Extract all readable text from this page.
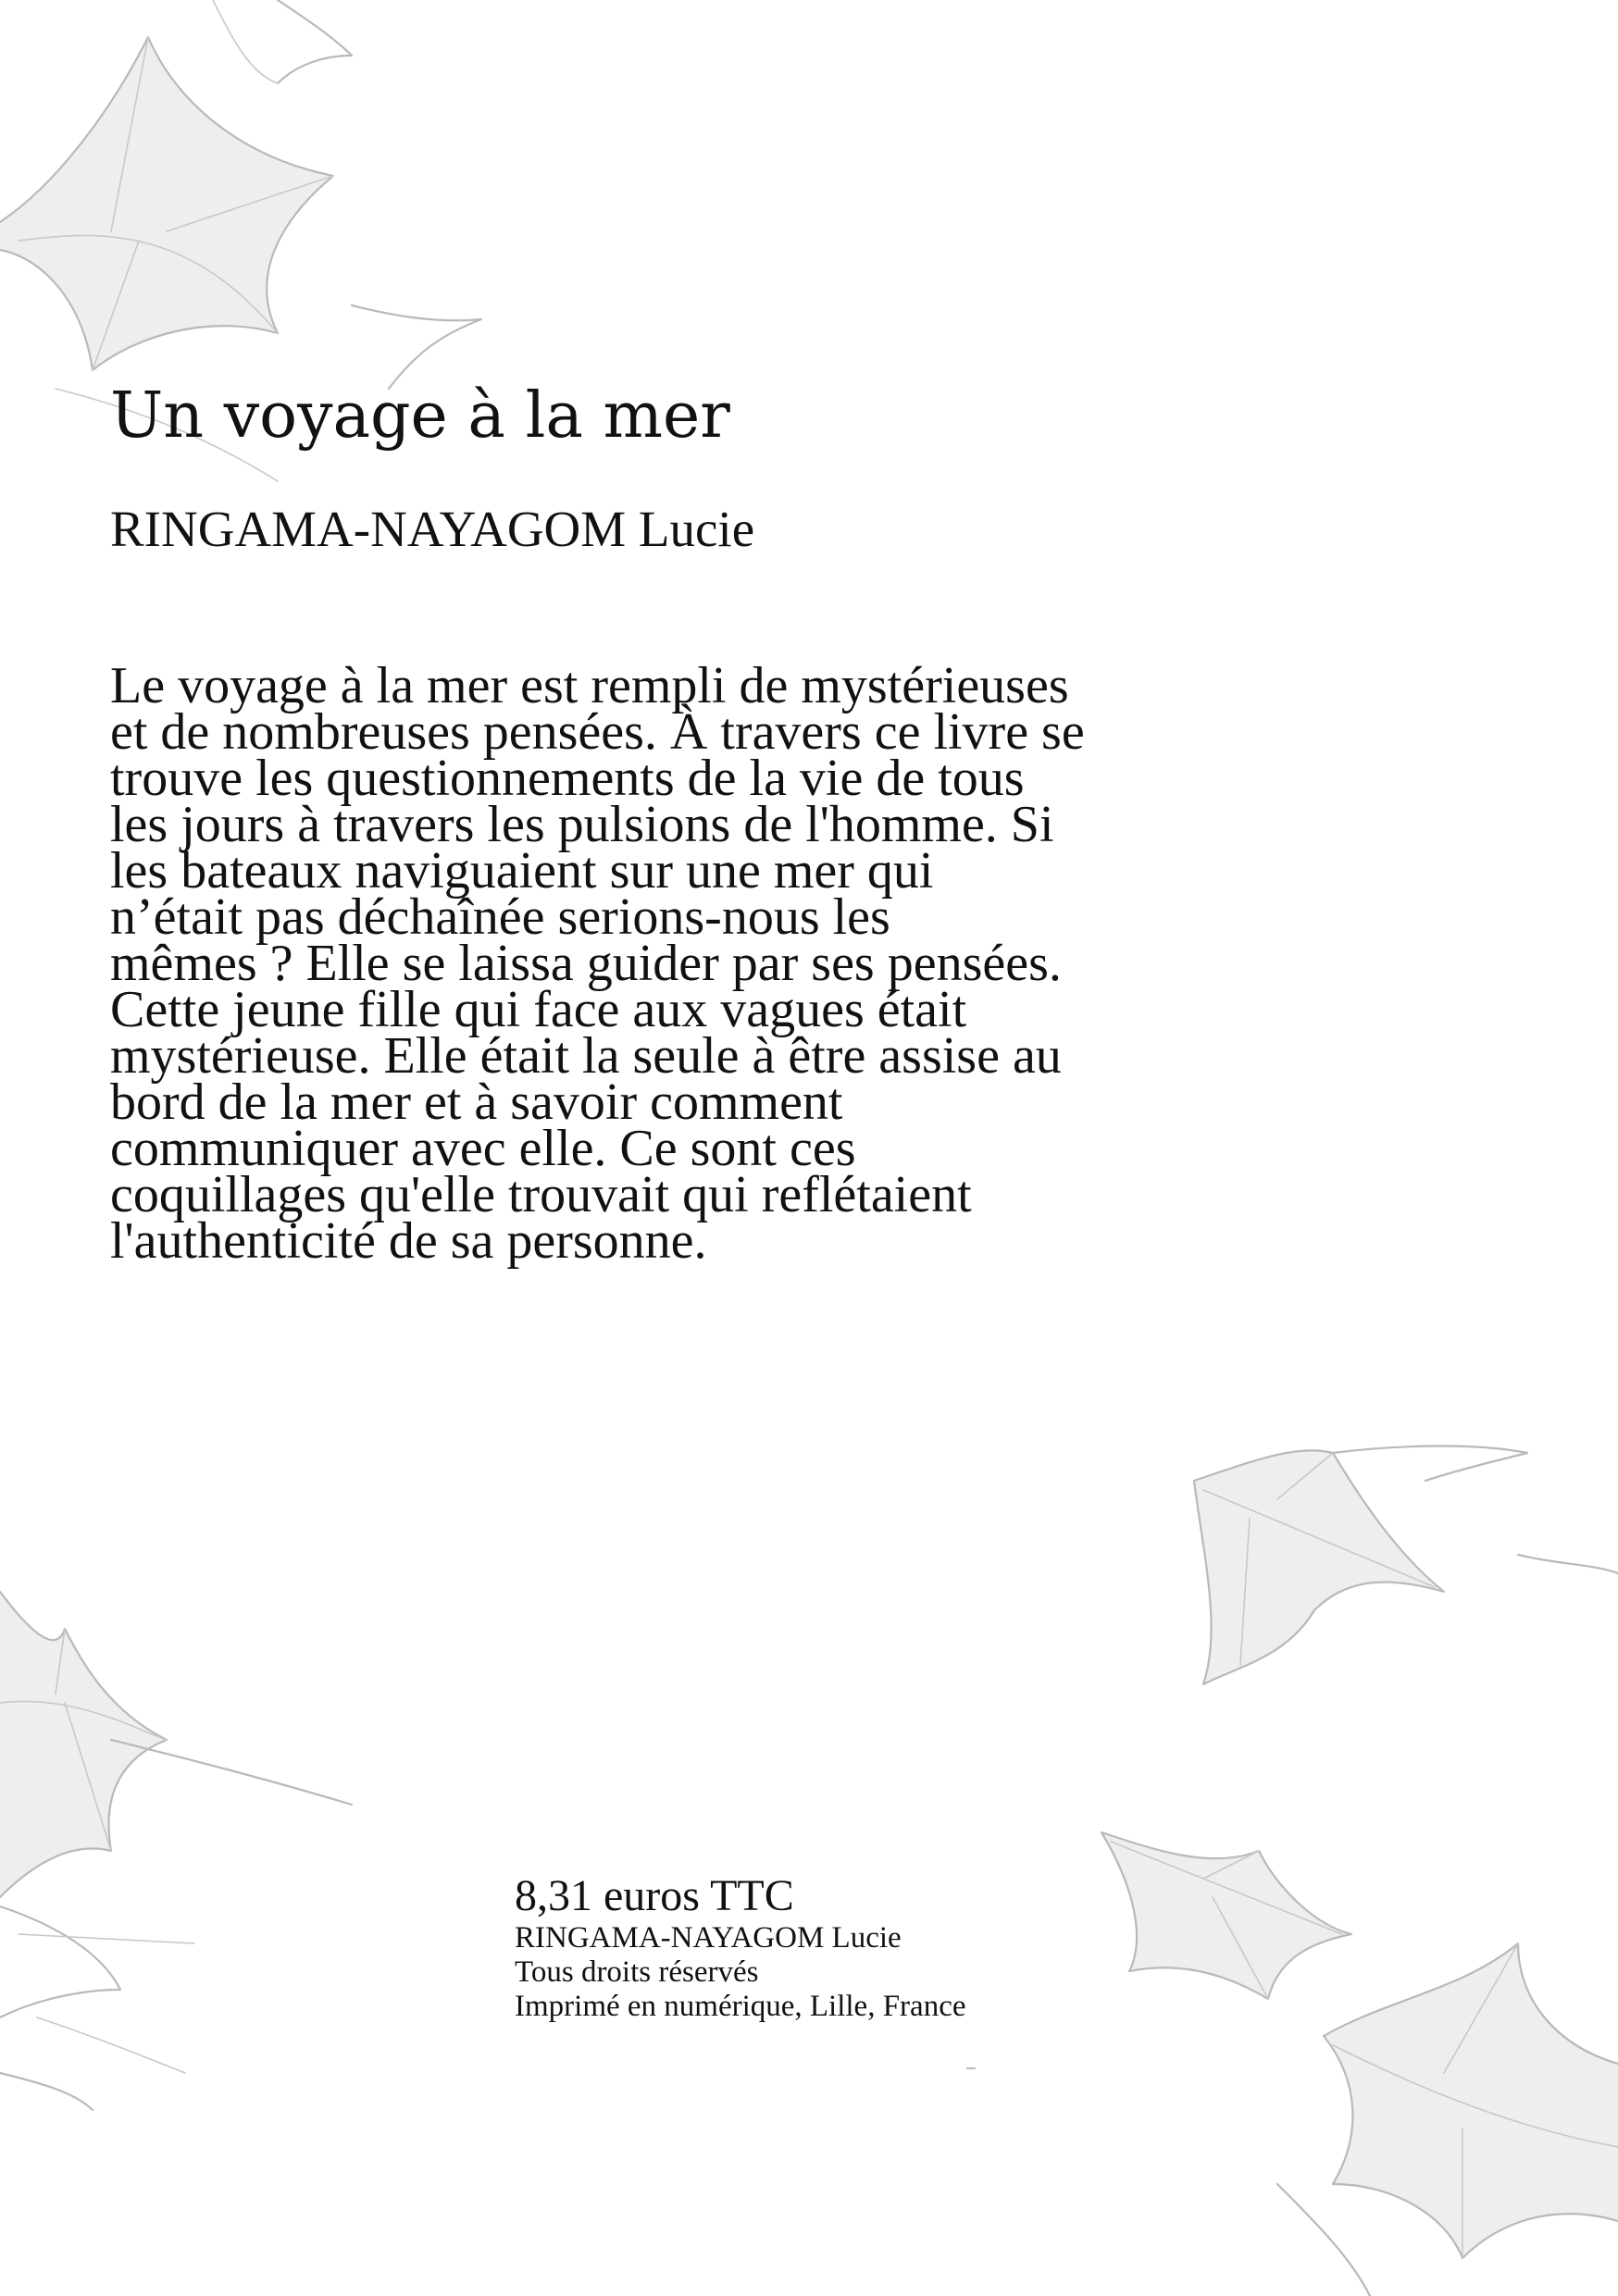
Un voyage à la mer

RINGAMA-NAYAGOM Lucie

Le voyage à la mer est rempli de mystérieuses
et de nombreuses pensées. À travers ce livre se
trouve les questionnements de la vie de tous
les jours à travers les pulsions de l'homme. Si
les bateaux naviguaient sur une mer qui
n’était pas déchaînée serions-nous les
mêmes ? Elle se laissa guider par ses pensées.
Cette jeune fille qui face aux vagues était
mystérieuse. Elle était la seule à être assise au
bord de la mer et à savoir comment
communiquer avec elle. Ce sont ces
coquillages qu'elle trouvait qui reflétaient
l'authenticité de sa personne.
8,31 euros TTC
RINGAMA-NAYAGOM Lucie
Tous droits réservés
Imprimé en numérique, Lille, France
